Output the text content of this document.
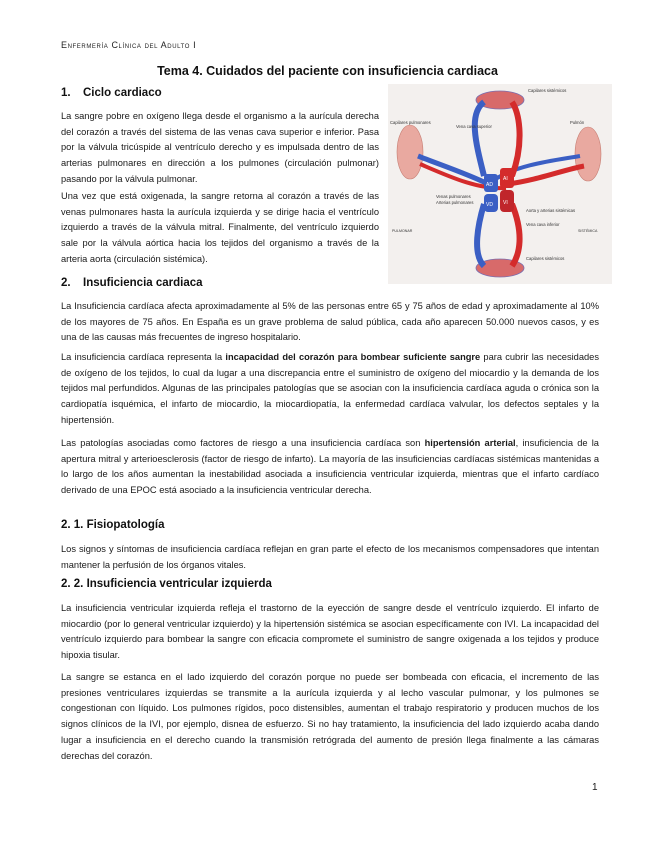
Enfermería Clínica del Adulto I
Tema 4. Cuidados del paciente con insuficiencia cardiaca
1. Ciclo cardiaco

La sangre pobre en oxígeno llega desde el organismo a la aurícula derecha del corazón a través del sistema de las venas cava superior e inferior. Pasa por la válvula tricúspide al ventrículo derecho y es impulsada dentro de las arterias pulmonares en dirección a los pulmones (circulación pulmonar) pasando por la válvula pulmonar.

Una vez que está oxigenada, la sangre retorna al corazón a través de las venas pulmonares hasta la aurícula izquierda y se dirige hacia el ventrículo izquierdo a través de la válvula mitral. Finalmente, del ventrículo izquierdo sale por la válvula aórtica hacia los tejidos del organismo a través de la arteria aorta (circulación sistémica).

AD
AI
VD VI
Capilares sistémicos
Capilares pulmonares
Vena cava superior
Pulmón
PULMONAR	SISTÉMICA
Venas pulmonares
Arterias pulmonares
Aorta y arterias sistémicas
Vena cava inferior
Capilares sistémicos
2. Insuficiencia cardiaca

La Insuficiencia cardíaca afecta aproximadamente al 5% de las personas entre 65 y 75 años de edad y aproximadamente al 10% de los mayores de 75 años. En España es un grave problema de salud pública, cada año aparecen 50.000 nuevos casos, y es una de las causas más frecuentes de ingreso hospitalario.

La insuficiencia cardíaca representa la incapacidad del corazón para bombear suficiente sangre para cubrir las necesidades de oxígeno de los tejidos, lo cual da lugar a una discrepancia entre el suministro de oxígeno del miocardio y la demanda de los tejidos mal perfundidos. Algunas de las principales patologías que se asocian con la insuficiencia cardíaca aguda o crónica son la cardiopatía isquémica, el infarto de miocardio, la miocardiopatía, la enfermedad cardíaca valvular, los defectos septales y la hipertensión.

Las patologías asociadas como factores de riesgo a una insuficiencia cardíaca son hipertensión arterial, insuficiencia de la apertura mitral y arterioesclerosis (factor de riesgo de infarto). La mayoría de las insuficiencias cardíacas sistémicas mantenidas a lo largo de los años aumentan la inestabilidad asociada a insuficiencia ventricular izquierda, mientras que el infarto cardíaco derivado de una EPOC está asociado a la insuficiencia ventricular derecha.

2. 1. Fisiopatología

Los signos y síntomas de insuficiencia cardíaca reflejan en gran parte el efecto de los mecanismos compensadores que intentan mantener la perfusión de los órganos vitales.

2. 2. Insuficiencia ventricular izquierda

La insuficiencia ventricular izquierda refleja el trastorno de la eyección de sangre desde el ventrículo izquierdo. El infarto de miocardio (por lo general ventricular izquierdo) y la hipertensión sistémica se asocian específicamente con IVI. La incapacidad del ventrículo izquierdo para bombear la sangre con eficacia compromete el suministro de sangre oxigenada a los tejidos y produce hipoxia tisular.

La sangre se estanca en el lado izquierdo del corazón porque no puede ser bombeada con eficacia, el incremento de las presiones ventriculares izquierdas se transmite a la aurícula izquierda y al lecho vascular pulmonar, y los pulmones se congestionan con líquido. Los pulmones rígidos, poco distensibles, aumentan el trabajo respiratorio y producen muchos de los signos clínicos de la IVI, por ejemplo, disnea de esfuerzo. Si no hay tratamiento, la insuficiencia del lado izquierdo acaba dando lugar a insuficiencia en el derecho cuando la transmisión retrógrada del aumento de presión llega finalmente a las cámaras derechas del corazón.

1
